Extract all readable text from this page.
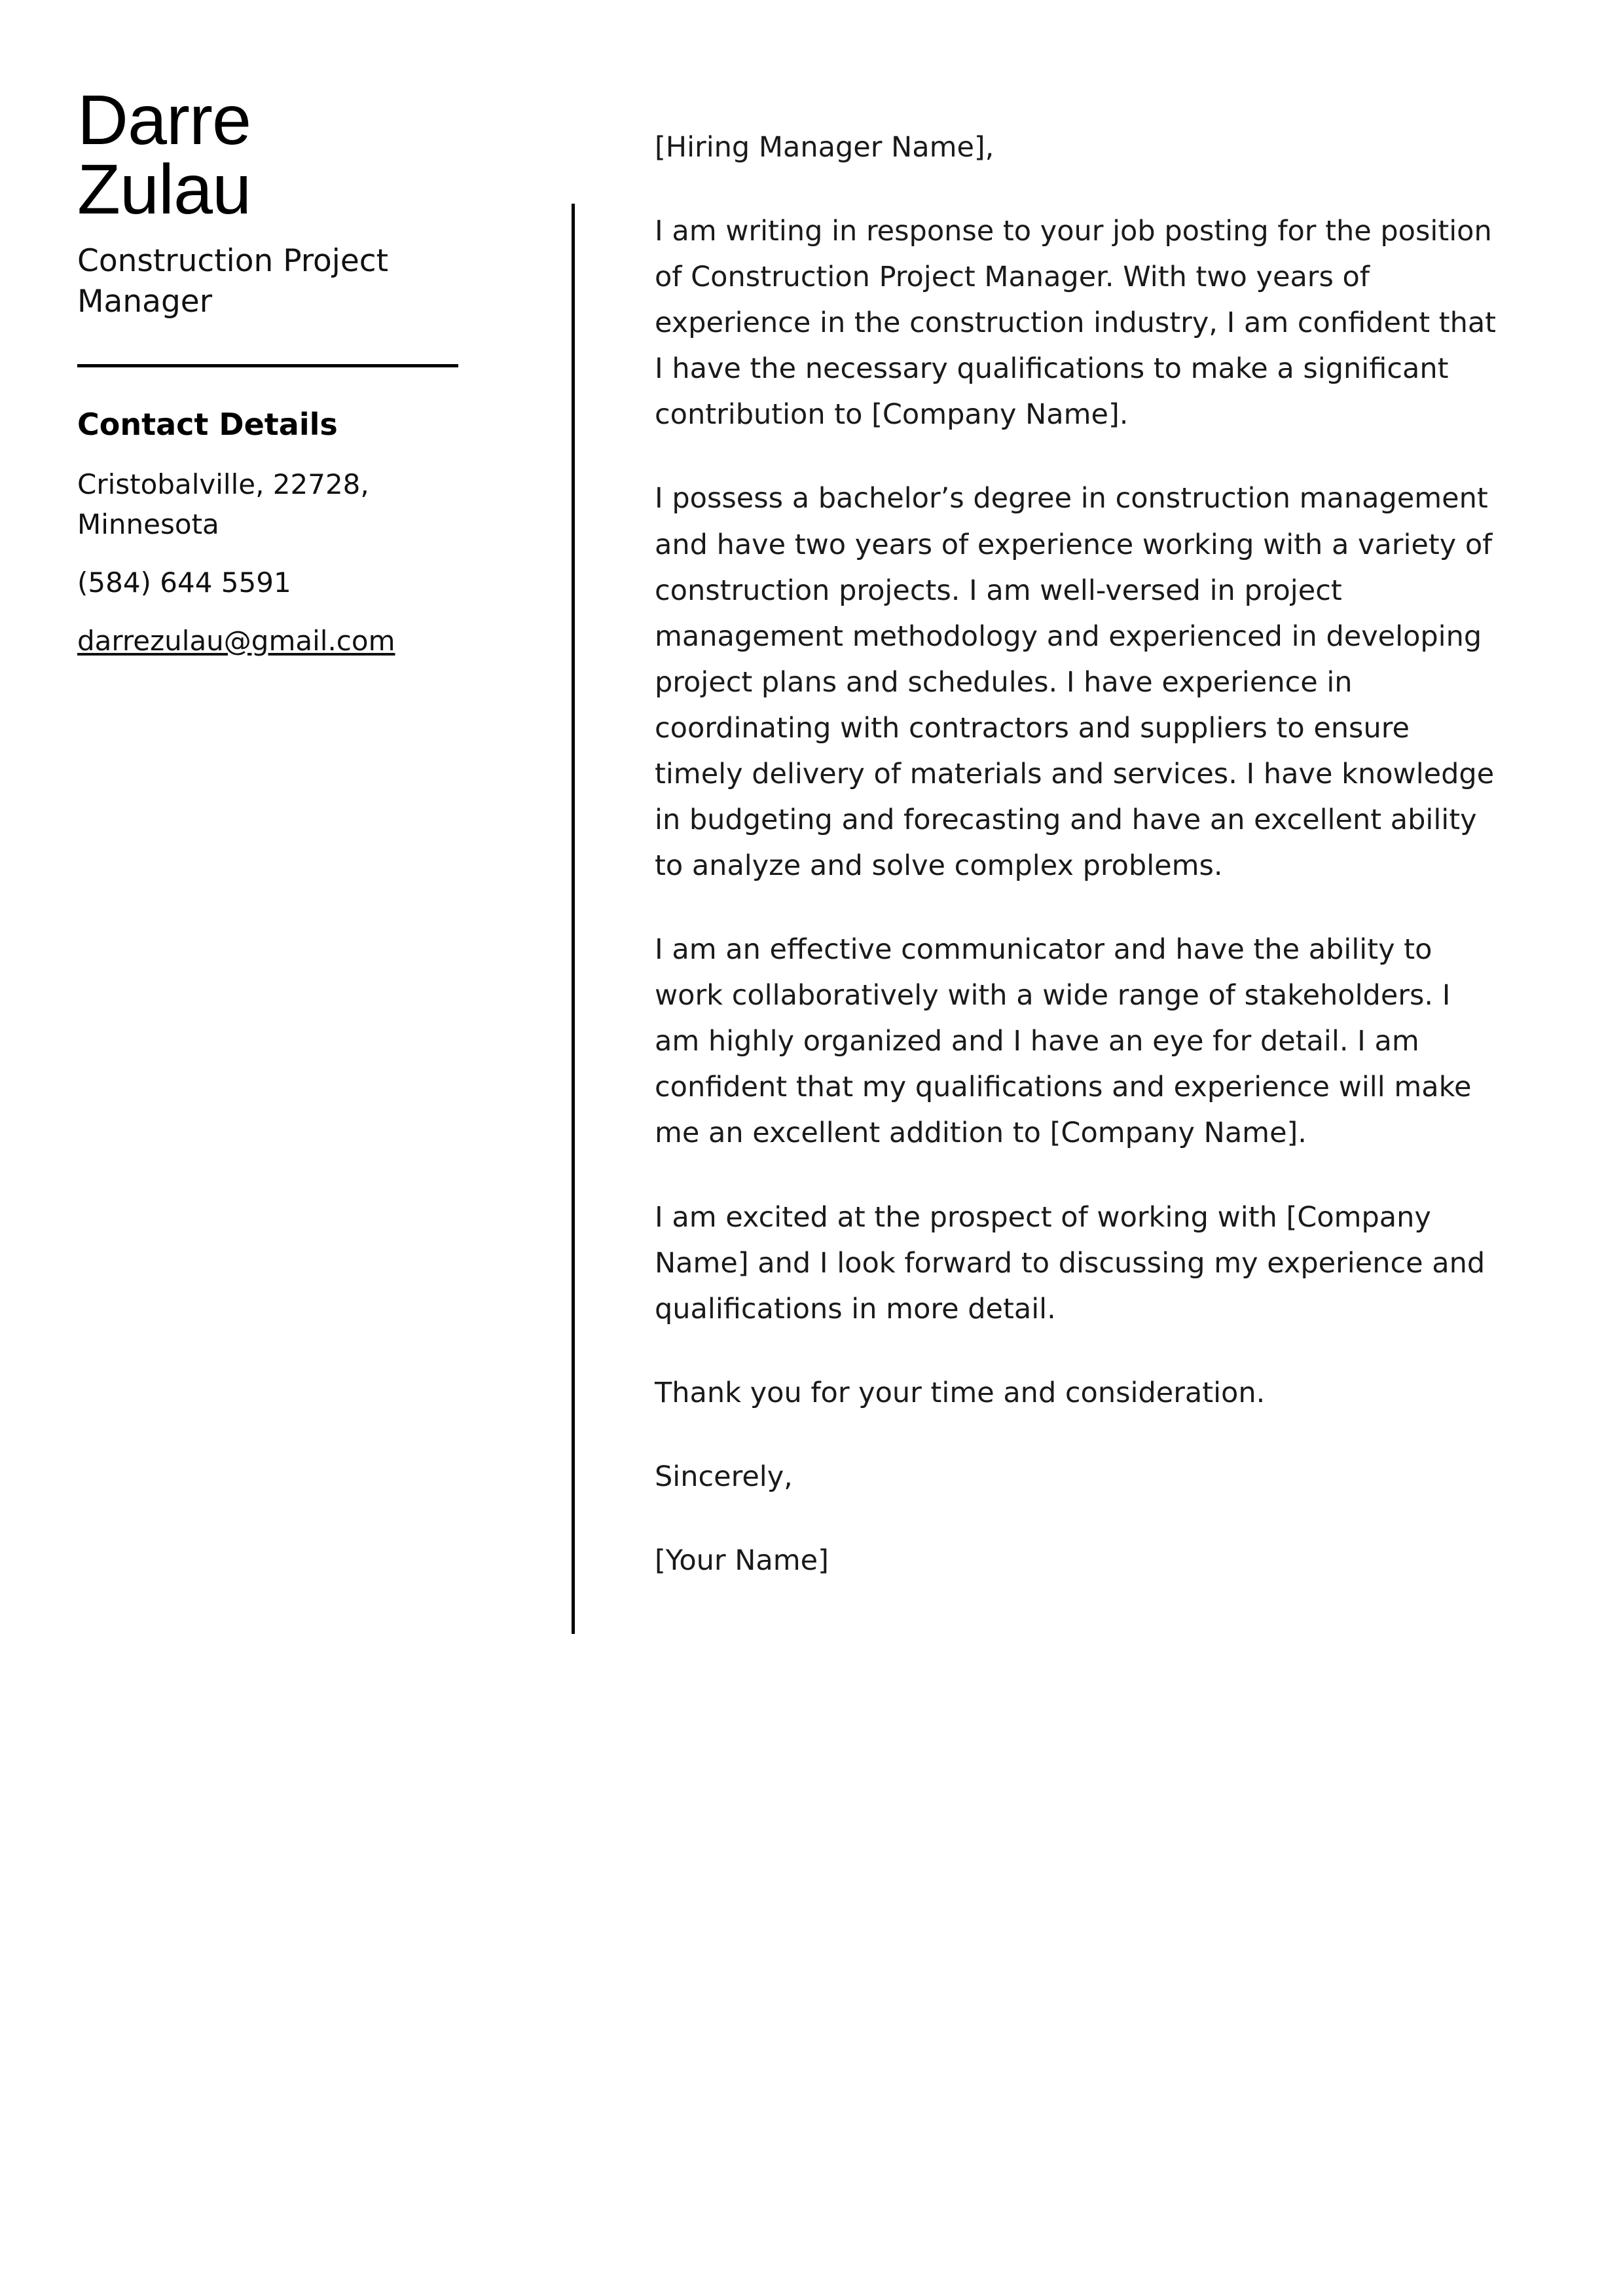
Darre
Zulau
Construction Project Manager
Contact Details
Cristobalville, 22728,
Minnesota
(584) 644 5591
darrezulau@gmail.com

[Hiring Manager Name],

I am writing in response to your job posting for the position of Construction Project Manager. With two years of experience in the construction industry, I am confident that I have the necessary qualifications to make a significant contribution to [Company Name].

I possess a bachelor’s degree in construction management and have two years of experience working with a variety of construction projects. I am well-versed in project management methodology and experienced in developing project plans and schedules. I have experience in coordinating with contractors and suppliers to ensure timely delivery of materials and services. I have knowledge in budgeting and forecasting and have an excellent ability to analyze and solve complex problems.

I am an effective communicator and have the ability to work collaboratively with a wide range of stakeholders. I am highly organized and I have an eye for detail. I am confident that my qualifications and experience will make me an excellent addition to [Company Name].

I am excited at the prospect of working with [Company Name] and I look forward to discussing my experience and qualifications in more detail.

Thank you for your time and consideration.

Sincerely,

[Your Name]
